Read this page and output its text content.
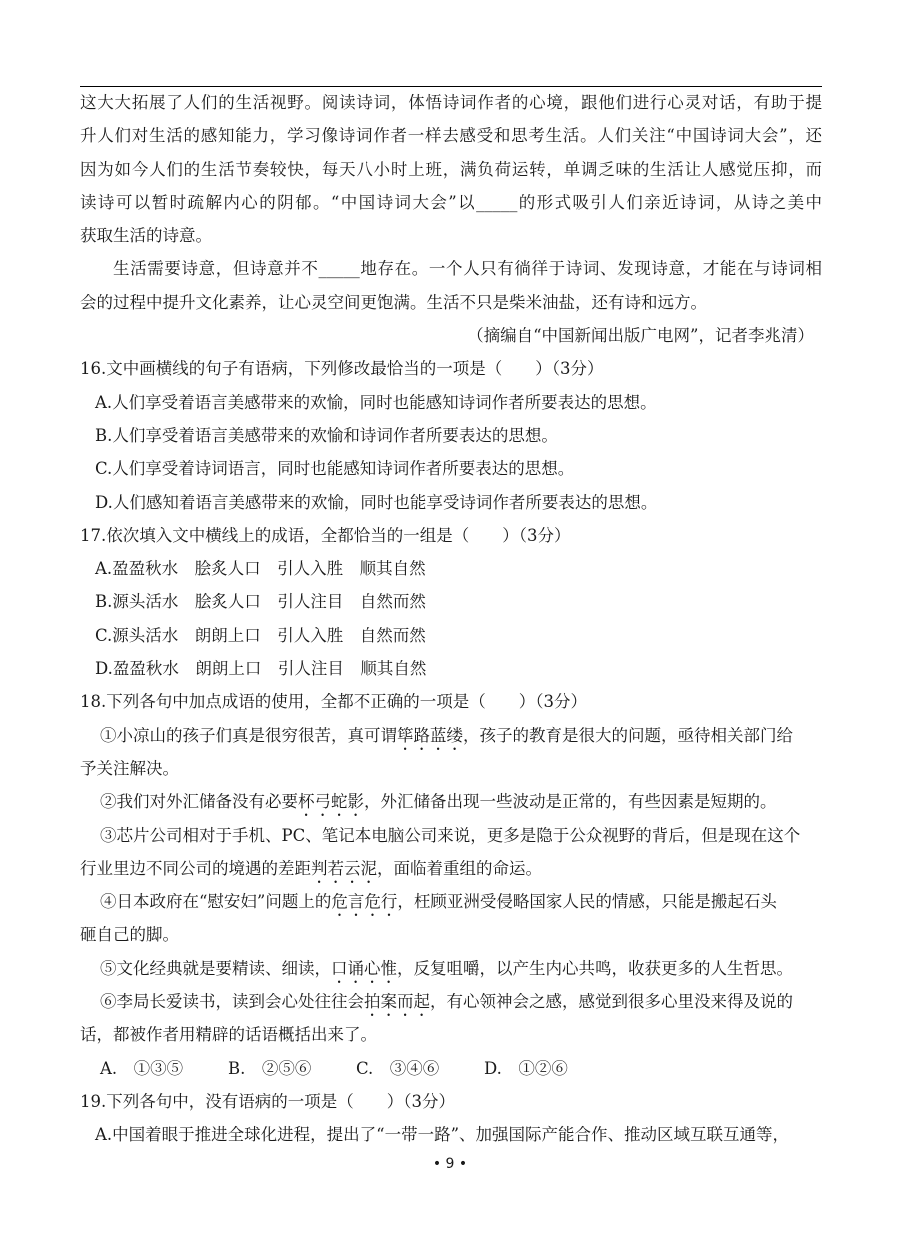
这大大拓展了人们的生活视野。阅读诗词，体悟诗词作者的心境，跟他们进行心灵对话，有助于提
升人们对生活的感知能力，学习像诗词作者一样去感受和思考生活。人们关注“中国诗词大会”，还
因为如今人们的生活节奏较快，每天八小时上班，满负荷运转，单调乏味的生活让人感觉压抑，而
读诗可以暂时疏解内心的阴郁。“中国诗词大会”以_____的形式吸引人们亲近诗词，从诗之美中
获取生活的诗意。
生活需要诗意，但诗意并不_____地存在。一个人只有徜徉于诗词、发现诗意，才能在与诗词相
会的过程中提升文化素养，让心灵空间更饱满。生活不只是柴米油盐，还有诗和远方。
（摘编自“中国新闻出版广电网”，记者李兆清）
16.文中画横线的句子有语病，下列修改最恰当的一项是（　　）（3分）
A.人们享受着语言美感带来的欢愉，同时也能感知诗词作者所要表达的思想。
B.人们享受着语言美感带来的欢愉和诗词作者所要表达的思想。
C.人们享受着诗词语言，同时也能感知诗词作者所要表达的思想。
D.人们感知着语言美感带来的欢愉，同时也能享受诗词作者所要表达的思想。
17.依次填入文中横线上的成语，全都恰当的一组是（　　）（3分）
A.盈盈秋水　脍炙人口　引人入胜　顺其自然
B.源头活水　脍炙人口　引人注目　自然而然
C.源头活水　朗朗上口　引人入胜　自然而然
D.盈盈秋水　朗朗上口　引人注目　顺其自然
18.下列各句中加点成语的使用，全都不正确的一项是（　　）（3分）
①小凉山的孩子们真是很穷很苦，真可谓筚路蓝缕，孩子的教育是很大的问题，亟待相关部门给
予关注解决。
②我们对外汇储备没有必要杯弓蛇影，外汇储备出现一些波动是正常的，有些因素是短期的。
③芯片公司相对于手机、PC、笔记本电脑公司来说，更多是隐于公众视野的背后，但是现在这个
行业里边不同公司的境遇的差距判若云泥，面临着重组的命运。
④日本政府在“慰安妇”问题上的危言危行，枉顾亚洲受侵略国家人民的情感，只能是搬起石头
砸自己的脚。
⑤文化经典就是要精读、细读，口诵心惟，反复咀嚼，以产生内心共鸣，收获更多的人生哲思。
⑥李局长爱读书，读到会心处往往会拍案而起，有心领神会之感，感觉到很多心里没来得及说的
话，都被作者用精辟的话语概括出来了。
A.　①③⑤	B.　②⑤⑥	C.　③④⑥	D.　①②⑥
19.下列各句中，没有语病的一项是（　　）（3分）
A.中国着眼于推进全球化进程，提出了“一带一路”、加强国际产能合作、推动区域互联互通等，
• 9 •
